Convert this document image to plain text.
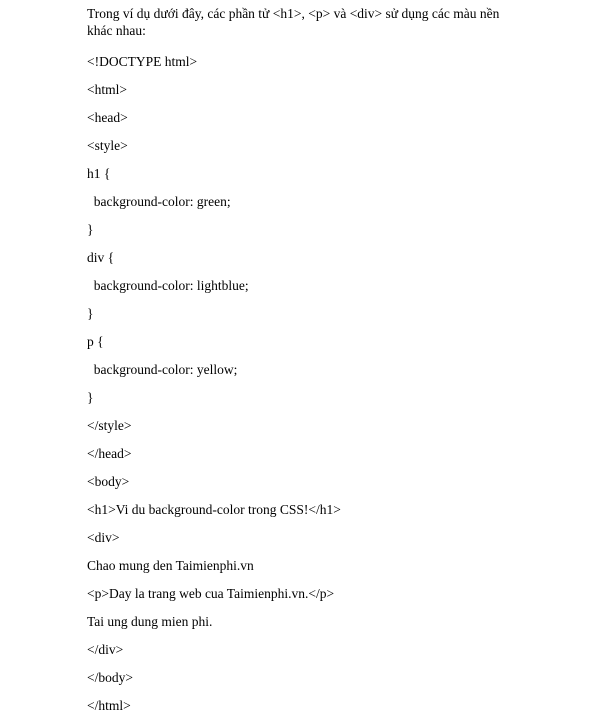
Trong ví dụ dưới đây, các phần tử <h1>, <p> và <div> sử dụng các màu nền khác nhau:

<!DOCTYPE html>
<html>
<head>
<style>
h1 {
background-color: green;
}
div {
background-color: lightblue;
}
p {
background-color: yellow;
}
</style>
</head>
<body>
<h1>Vi du background-color trong CSS!</h1>
<div>
Chao mung den Taimienphi.vn
<p>Day la trang web cua Taimienphi.vn.</p>
Tai ung dung mien phi.
</div>
</body>
</html>
